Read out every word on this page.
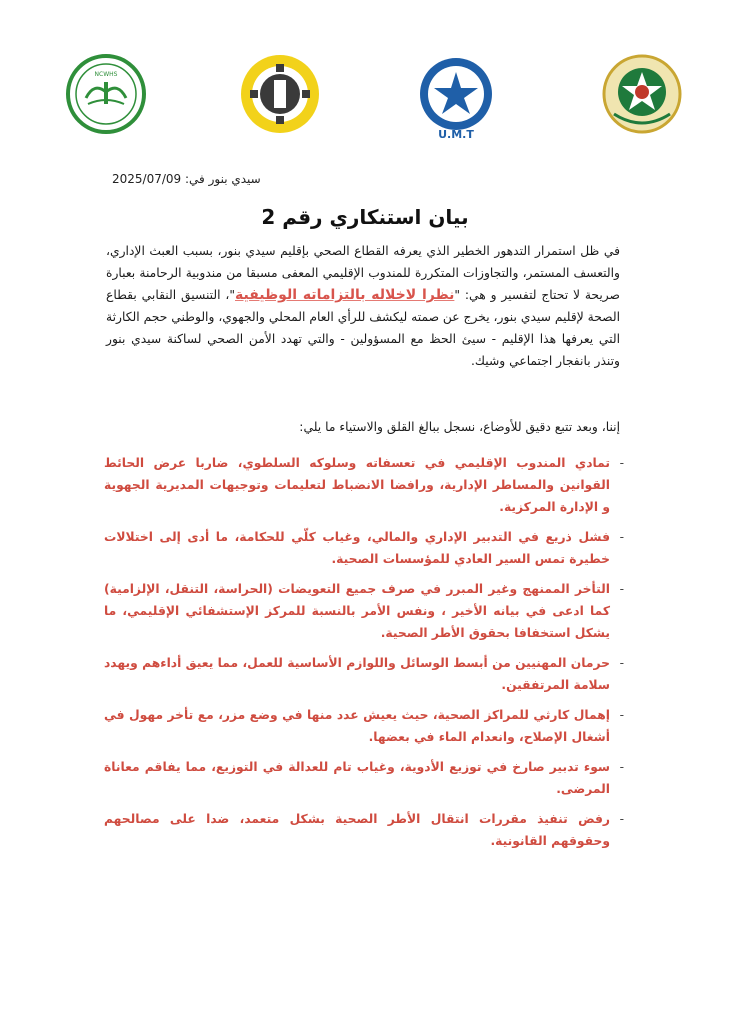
NCWHS
U.M.T
سيدي بنور في: 2025/07/09
بيان استنكاري رقم 2
في ظل استمرار التدهور الخطير الذي يعرفه القطاع الصحي بإقليم سيدي بنور، بسبب العبث الإداري، والتعسف المستمر، والتجاوزات المتكررة للمندوب الإقليمي المعفى مسبقا من مندوبية الرحامنة بعبارة صريحة لا تحتاج لتفسير و هي: "نظرا لاخلاله بالتزاماته الوظيفية"، التنسيق النقابي بقطاع الصحة لإقليم سيدي بنور، يخرج عن صمته ليكشف للرأي العام المحلي والجهوي، والوطني حجم الكارثة التي يعرفها هذا الإقليم - سيئ الحظ مع المسؤولين - والتي تهدد الأمن الصحي لساكنة سيدي بنور وتنذر بانفجار اجتماعي وشيك.
إننا، وبعد تتبع دقيق للأوضاع، نسجل ببالغ القلق والاستياء ما يلي:
-
تمادي المندوب الإقليمي في تعسفاته وسلوكه السلطوي، ضاربا عرض الحائط القوانين والمساطر الإدارية، ورافضا الانضباط لتعليمات وتوجيهات المديرية الجهوية و الإدارة المركزية.
-
فشل ذريع في التدبير الإداري والمالي، وغياب كلّي للحكامة، ما أدى إلى اختلالات خطيرة تمس السير العادي للمؤسسات الصحية.
-
التأخر الممنهج وغير المبرر في صرف جميع التعويضات (الحراسة، التنقل، الإلزامية) كما ادعى في بيانه الأخير ، ونفس الأمر بالنسبة للمركز الإستشفائي الإقليمي، ما يشكل استخفافا بحقوق الأطر الصحية.
-
حرمان المهنيين من أبسط الوسائل واللوازم الأساسية للعمل، مما يعيق أداءهم ويهدد سلامة المرتفقين.
-
إهمال كارثي للمراكز الصحية، حيث يعيش عدد منها في وضع مزر، مع تأخر مهول في أشغال الإصلاح، وانعدام الماء في بعضها.
-
سوء تدبير صارخ في توزيع الأدوية، وغياب تام للعدالة في التوزيع، مما يفاقم معاناة المرضى.
-
رفض تنفيذ مقررات انتقال الأطر الصحية بشكل متعمد، ضدا على مصالحهم وحقوقهم القانونية.
